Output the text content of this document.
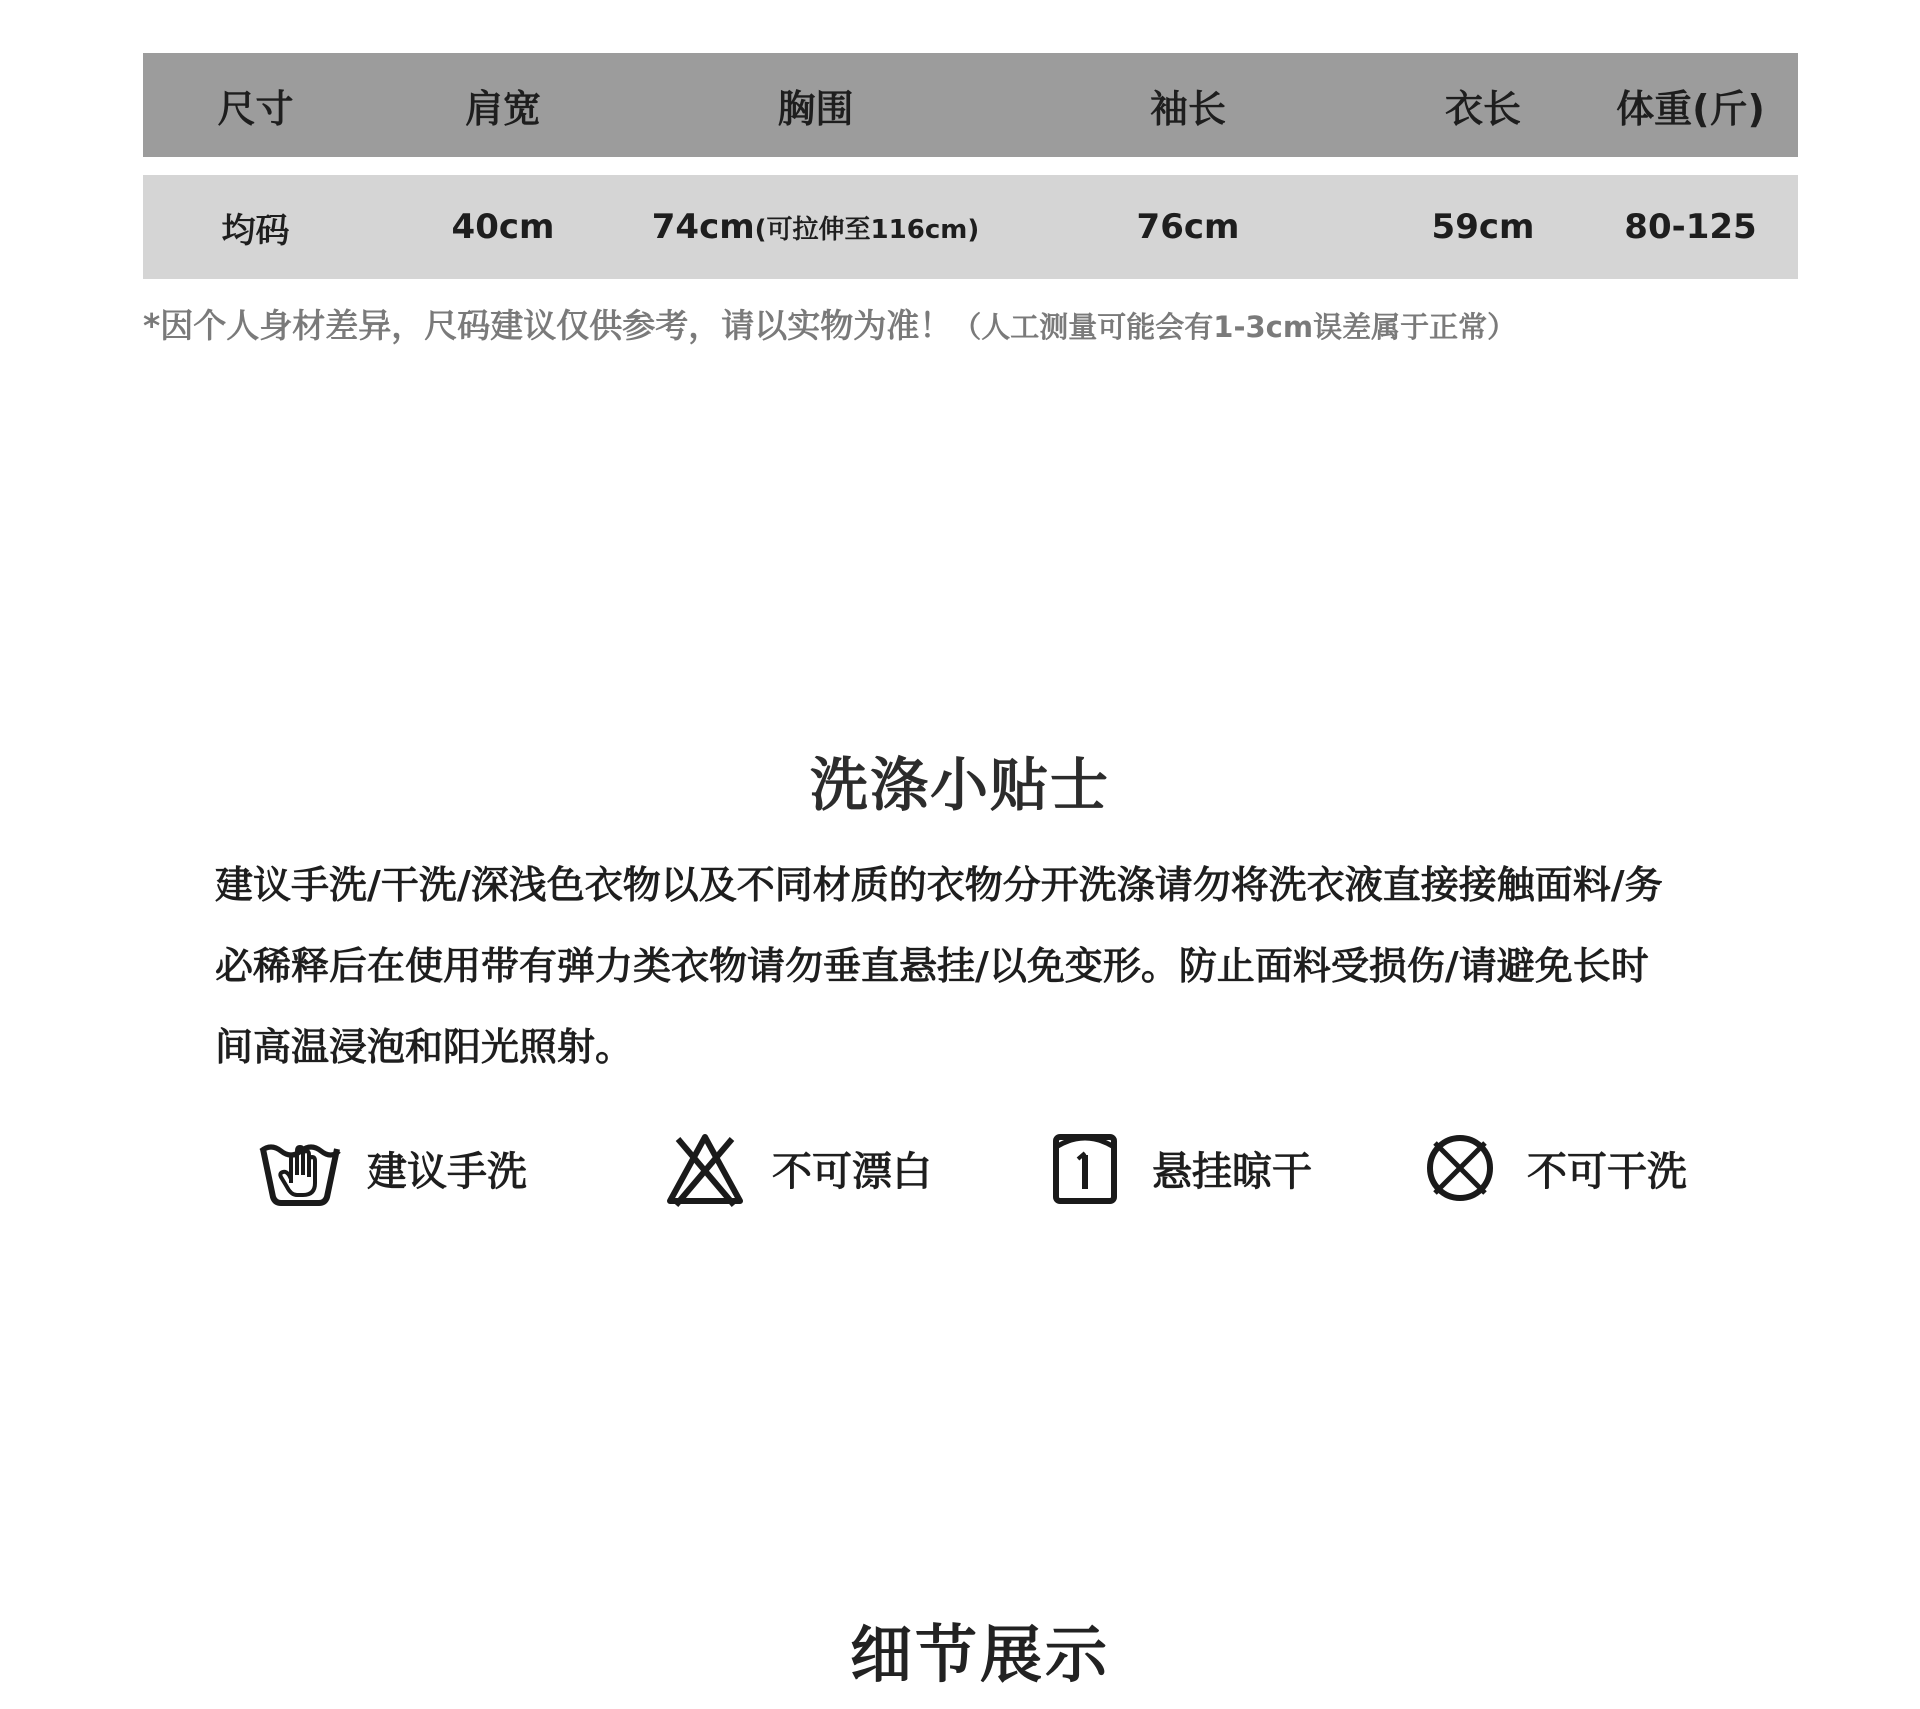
尺寸	肩宽	胸围	袖长	衣长	体重(斤)
均码	40cm	74cm(可拉伸至116cm)	76cm	59cm	80-125
*因个人身材差异，尺码建议仅供参考，请以实物为准！（人工测量可能会有1-3cm误差属于正常）
洗涤小贴士
建议手洗/干洗/深浅色衣物以及不同材质的衣物分开洗涤请勿将洗衣液直接接触面料/务
必稀释后在使用带有弹力类衣物请勿垂直悬挂/以免变形。防止面料受损伤/请避免长时
间高温浸泡和阳光照射。
建议手洗	不可漂白	悬挂晾干	不可干洗
细节展示
